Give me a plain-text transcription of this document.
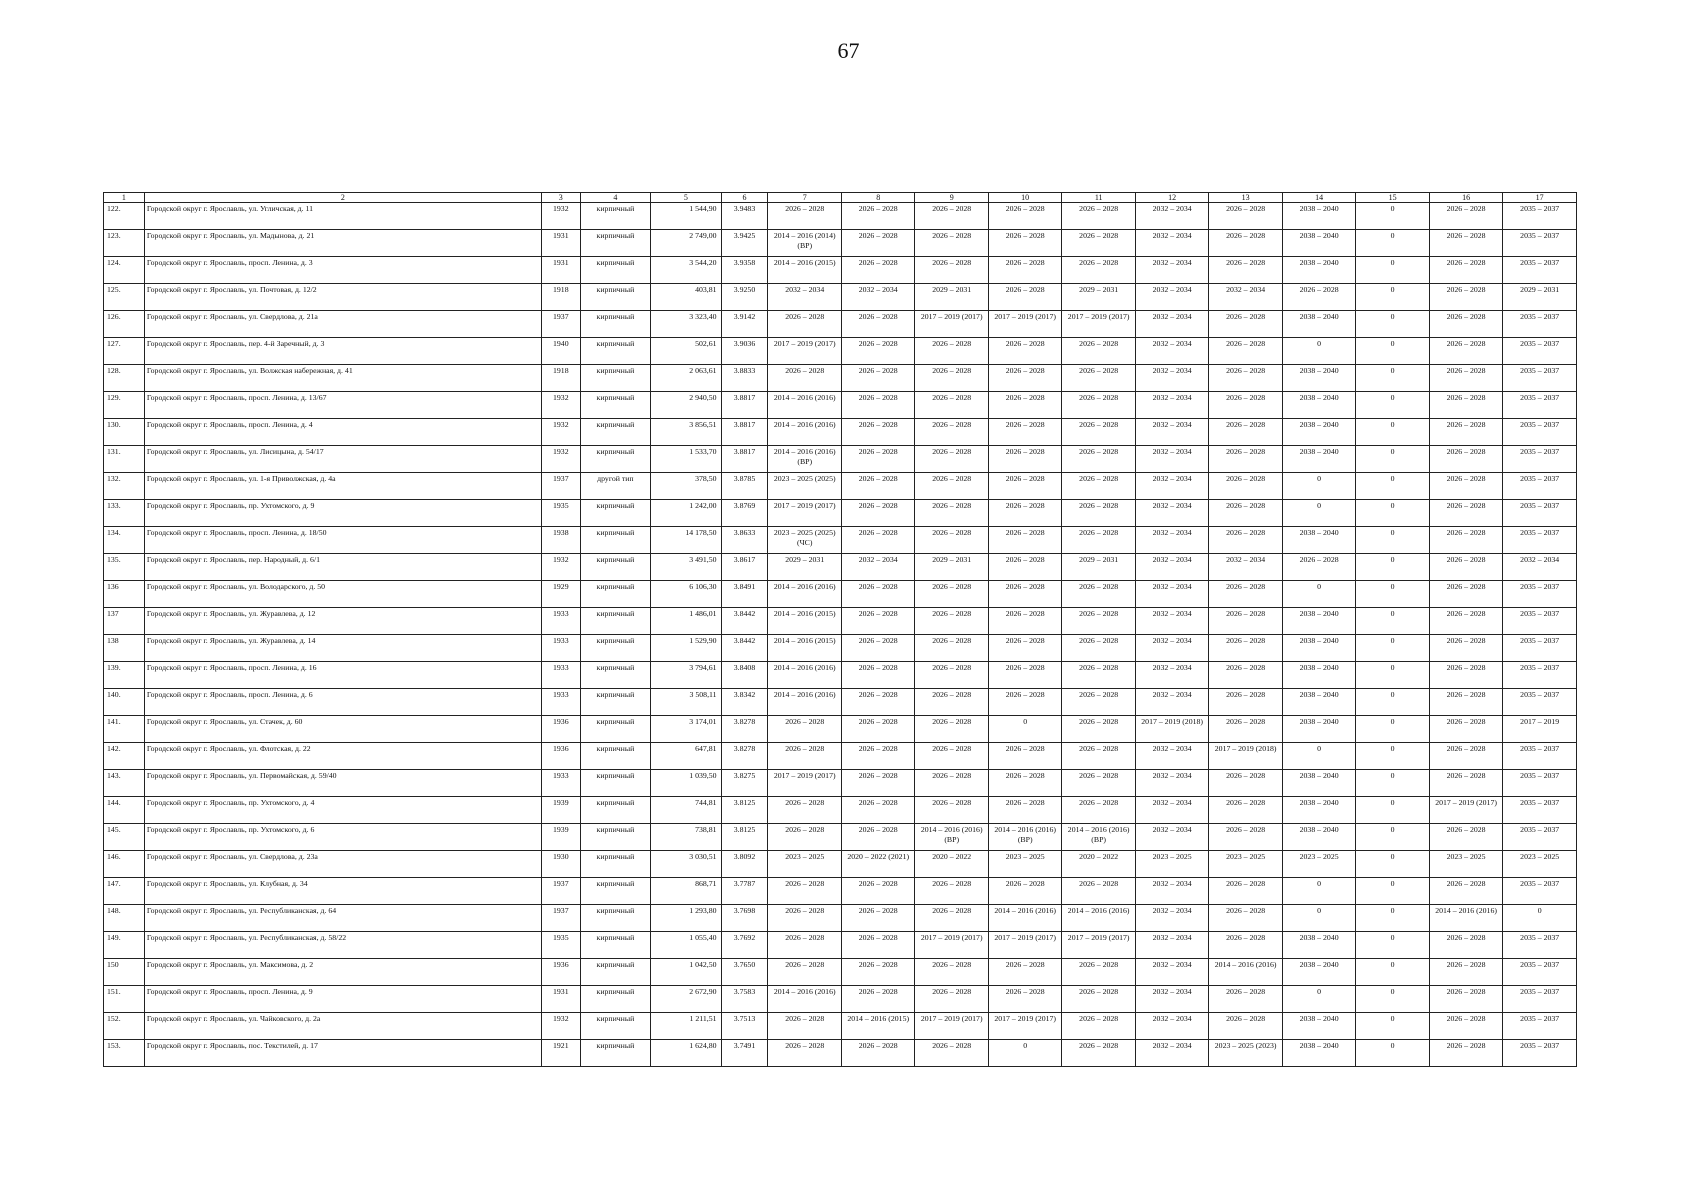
67
1	2	3	4	5	6	7	8	9	10	11	12	13	14	15	16	17
122.	Городской округ г. Ярославль, ул. Угличская, д. 11	1932	кирпичный	1 544,90	3.9483	2026 – 2028	2026 – 2028	2026 – 2028	2026 – 2028	2026 – 2028	2032 – 2034	2026 – 2028	2038 – 2040	0	2026 – 2028	2035 – 2037
123.	Городской округ г. Ярославль, ул. Мадынова, д. 21	1931	кирпичный	2 749,00	3.9425	2014 – 2016 (2014) (ВР)	2026 – 2028	2026 – 2028	2026 – 2028	2026 – 2028	2032 – 2034	2026 – 2028	2038 – 2040	0	2026 – 2028	2035 – 2037
124.	Городской округ г. Ярославль, просп. Ленина, д. 3	1931	кирпичный	3 544,20	3.9358	2014 – 2016 (2015)	2026 – 2028	2026 – 2028	2026 – 2028	2026 – 2028	2032 – 2034	2026 – 2028	2038 – 2040	0	2026 – 2028	2035 – 2037
125.	Городской округ г. Ярославль, ул. Почтовая, д. 12/2	1918	кирпичный	403,81	3.9250	2032 – 2034	2032 – 2034	2029 – 2031	2026 – 2028	2029 – 2031	2032 – 2034	2032 – 2034	2026 – 2028	0	2026 – 2028	2029 – 2031
126.	Городской округ г. Ярославль, ул. Свердлова, д. 21а	1937	кирпичный	3 323,40	3.9142	2026 – 2028	2026 – 2028	2017 – 2019 (2017)	2017 – 2019 (2017)	2017 – 2019 (2017)	2032 – 2034	2026 – 2028	2038 – 2040	0	2026 – 2028	2035 – 2037
127.	Городской округ г. Ярославль, пер. 4-й Заречный, д. 3	1940	кирпичный	502,61	3.9036	2017 – 2019 (2017)	2026 – 2028	2026 – 2028	2026 – 2028	2026 – 2028	2032 – 2034	2026 – 2028	0	0	2026 – 2028	2035 – 2037
128.	Городской округ г. Ярославль, ул. Волжская набережная, д. 41	1918	кирпичный	2 063,61	3.8833	2026 – 2028	2026 – 2028	2026 – 2028	2026 – 2028	2026 – 2028	2032 – 2034	2026 – 2028	2038 – 2040	0	2026 – 2028	2035 – 2037
129.	Городской округ г. Ярославль, просп. Ленина, д. 13/67	1932	кирпичный	2 940,50	3.8817	2014 – 2016 (2016)	2026 – 2028	2026 – 2028	2026 – 2028	2026 – 2028	2032 – 2034	2026 – 2028	2038 – 2040	0	2026 – 2028	2035 – 2037
130.	Городской округ г. Ярославль, просп. Ленина, д. 4	1932	кирпичный	3 856,51	3.8817	2014 – 2016 (2016)	2026 – 2028	2026 – 2028	2026 – 2028	2026 – 2028	2032 – 2034	2026 – 2028	2038 – 2040	0	2026 – 2028	2035 – 2037
131.	Городской округ г. Ярославль, ул. Лисицына, д. 54/17	1932	кирпичный	1 533,70	3.8817	2014 – 2016 (2016) (ВР)	2026 – 2028	2026 – 2028	2026 – 2028	2026 – 2028	2032 – 2034	2026 – 2028	2038 – 2040	0	2026 – 2028	2035 – 2037
132.	Городской округ г. Ярославль, ул. 1-я Приволжская, д. 4а	1937	другой тип	378,50	3.8785	2023 – 2025 (2025)	2026 – 2028	2026 – 2028	2026 – 2028	2026 – 2028	2032 – 2034	2026 – 2028	0	0	2026 – 2028	2035 – 2037
133.	Городской округ г. Ярославль, пр. Ухтомского, д. 9	1935	кирпичный	1 242,00	3.8769	2017 – 2019 (2017)	2026 – 2028	2026 – 2028	2026 – 2028	2026 – 2028	2032 – 2034	2026 – 2028	0	0	2026 – 2028	2035 – 2037
134.	Городской округ г. Ярославль, просп. Ленина, д. 18/50	1938	кирпичный	14 178,50	3.8633	2023 – 2025 (2025) (ЧС)	2026 – 2028	2026 – 2028	2026 – 2028	2026 – 2028	2032 – 2034	2026 – 2028	2038 – 2040	0	2026 – 2028	2035 – 2037
135.	Городской округ г. Ярославль, пер. Народный, д. 6/1	1932	кирпичный	3 491,50	3.8617	2029 – 2031	2032 – 2034	2029 – 2031	2026 – 2028	2029 – 2031	2032 – 2034	2032 – 2034	2026 – 2028	0	2026 – 2028	2032 – 2034
136	Городской округ г. Ярославль, ул. Володарского, д. 50	1929	кирпичный	6 106,30	3.8491	2014 – 2016 (2016)	2026 – 2028	2026 – 2028	2026 – 2028	2026 – 2028	2032 – 2034	2026 – 2028	0	0	2026 – 2028	2035 – 2037
137	Городской округ г. Ярославль, ул. Журавлева, д. 12	1933	кирпичный	1 486,01	3.8442	2014 – 2016 (2015)	2026 – 2028	2026 – 2028	2026 – 2028	2026 – 2028	2032 – 2034	2026 – 2028	2038 – 2040	0	2026 – 2028	2035 – 2037
138	Городской округ г. Ярославль, ул. Журавлева, д. 14	1933	кирпичный	1 529,90	3.8442	2014 – 2016 (2015)	2026 – 2028	2026 – 2028	2026 – 2028	2026 – 2028	2032 – 2034	2026 – 2028	2038 – 2040	0	2026 – 2028	2035 – 2037
139.	Городской округ г. Ярославль, просп. Ленина, д. 16	1933	кирпичный	3 794,61	3.8408	2014 – 2016 (2016)	2026 – 2028	2026 – 2028	2026 – 2028	2026 – 2028	2032 – 2034	2026 – 2028	2038 – 2040	0	2026 – 2028	2035 – 2037
140.	Городской округ г. Ярославль, просп. Ленина, д. 6	1933	кирпичный	3 508,11	3.8342	2014 – 2016 (2016)	2026 – 2028	2026 – 2028	2026 – 2028	2026 – 2028	2032 – 2034	2026 – 2028	2038 – 2040	0	2026 – 2028	2035 – 2037
141.	Городской округ г. Ярославль, ул. Стачек, д. 60	1936	кирпичный	3 174,01	3.8278	2026 – 2028	2026 – 2028	2026 – 2028	0	2026 – 2028	2017 – 2019 (2018)	2026 – 2028	2038 – 2040	0	2026 – 2028	2017 – 2019
142.	Городской округ г. Ярославль, ул. Флотская, д. 22	1936	кирпичный	647,81	3.8278	2026 – 2028	2026 – 2028	2026 – 2028	2026 – 2028	2026 – 2028	2032 – 2034	2017 – 2019 (2018)	0	0	2026 – 2028	2035 – 2037
143.	Городской округ г. Ярославль, ул. Первомайская, д. 59/40	1933	кирпичный	1 039,50	3.8275	2017 – 2019 (2017)	2026 – 2028	2026 – 2028	2026 – 2028	2026 – 2028	2032 – 2034	2026 – 2028	2038 – 2040	0	2026 – 2028	2035 – 2037
144.	Городской округ г. Ярославль, пр. Ухтомского, д. 4	1939	кирпичный	744,81	3.8125	2026 – 2028	2026 – 2028	2026 – 2028	2026 – 2028	2026 – 2028	2032 – 2034	2026 – 2028	2038 – 2040	0	2017 – 2019 (2017)	2035 – 2037
145.	Городской округ г. Ярославль, пр. Ухтомского, д. 6	1939	кирпичный	738,81	3.8125	2026 – 2028	2026 – 2028	2014 – 2016 (2016) (ВР)	2014 – 2016 (2016) (ВР)	2014 – 2016 (2016) (ВР)	2032 – 2034	2026 – 2028	2038 – 2040	0	2026 – 2028	2035 – 2037
146.	Городской округ г. Ярославль, ул. Свердлова, д. 23а	1930	кирпичный	3 030,51	3.8092	2023 – 2025	2020 – 2022 (2021)	2020 – 2022	2023 – 2025	2020 – 2022	2023 – 2025	2023 – 2025	2023 – 2025	0	2023 – 2025	2023 – 2025
147.	Городской округ г. Ярославль, ул. Клубная, д. 34	1937	кирпичный	868,71	3.7787	2026 – 2028	2026 – 2028	2026 – 2028	2026 – 2028	2026 – 2028	2032 – 2034	2026 – 2028	0	0	2026 – 2028	2035 – 2037
148.	Городской округ г. Ярославль, ул. Республиканская, д. 64	1937	кирпичный	1 293,80	3.7698	2026 – 2028	2026 – 2028	2026 – 2028	2014 – 2016 (2016)	2014 – 2016 (2016)	2032 – 2034	2026 – 2028	0	0	2014 – 2016 (2016)	0
149.	Городской округ г. Ярославль, ул. Республиканская, д. 58/22	1935	кирпичный	1 055,40	3.7692	2026 – 2028	2026 – 2028	2017 – 2019 (2017)	2017 – 2019 (2017)	2017 – 2019 (2017)	2032 – 2034	2026 – 2028	2038 – 2040	0	2026 – 2028	2035 – 2037
150	Городской округ г. Ярославль, ул. Максимова, д. 2	1936	кирпичный	1 042,50	3.7650	2026 – 2028	2026 – 2028	2026 – 2028	2026 – 2028	2026 – 2028	2032 – 2034	2014 – 2016 (2016)	2038 – 2040	0	2026 – 2028	2035 – 2037
151.	Городской округ г. Ярославль, просп. Ленина, д. 9	1931	кирпичный	2 672,90	3.7583	2014 – 2016 (2016)	2026 – 2028	2026 – 2028	2026 – 2028	2026 – 2028	2032 – 2034	2026 – 2028	0	0	2026 – 2028	2035 – 2037
152.	Городской округ г. Ярославль, ул. Чайковского, д. 2а	1932	кирпичный	1 211,51	3.7513	2026 – 2028	2014 – 2016 (2015)	2017 – 2019 (2017)	2017 – 2019 (2017)	2026 – 2028	2032 – 2034	2026 – 2028	2038 – 2040	0	2026 – 2028	2035 – 2037
153.	Городской округ г. Ярославль, пос. Текстилей, д. 17	1921	кирпичный	1 624,80	3.7491	2026 – 2028	2026 – 2028	2026 – 2028	0	2026 – 2028	2032 – 2034	2023 – 2025 (2023)	2038 – 2040	0	2026 – 2028	2035 – 2037
